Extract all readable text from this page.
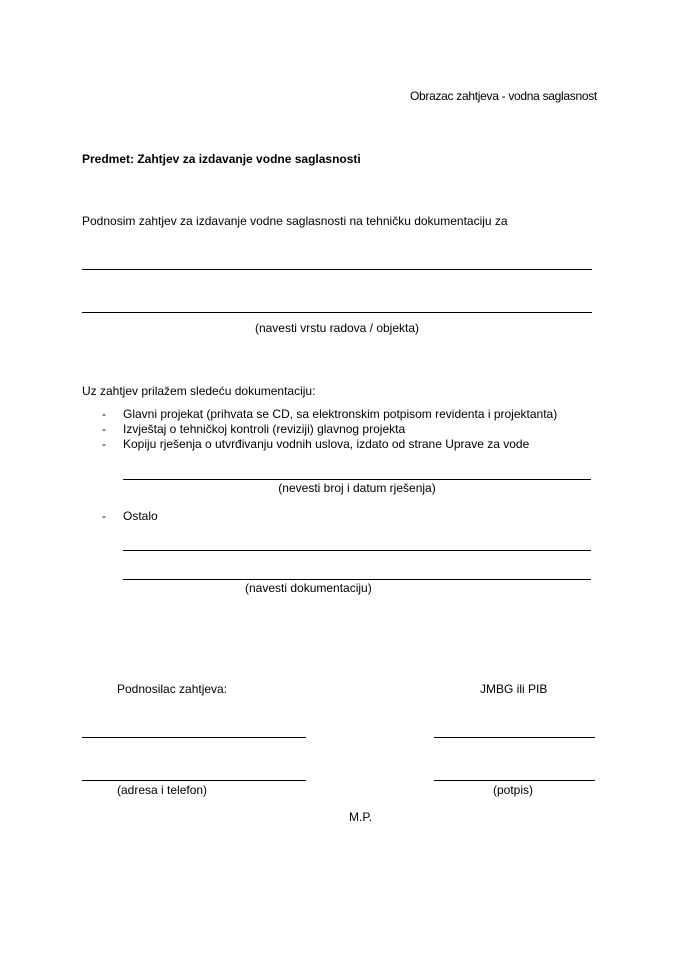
Obrazac zahtjeva - vodna saglasnost
Predmet: Zahtjev za izdavanje vodne saglasnosti
Podnosim zahtjev za izdavanje vodne saglasnosti na tehničku dokumentaciju za
(navesti vrstu radova / objekta)
Uz zahtjev prilažem sledeću dokumentaciju:
- Glavni projekat (prihvata se CD, sa elektronskim potpisom revidenta i projektanta)
- Izvještaj o tehničkoj kontroli (reviziji) glavnog projekta
- Kopiju rješenja o utvrđivanju vodnih uslova, izdato od strane Uprave za vode
(nevesti broj i datum rješenja)
- Ostalo
(navesti dokumentaciju)
Podnosilac zahtjeva:	JMBG ili PIB
(adresa i telefon)	(potpis)
M.P.
